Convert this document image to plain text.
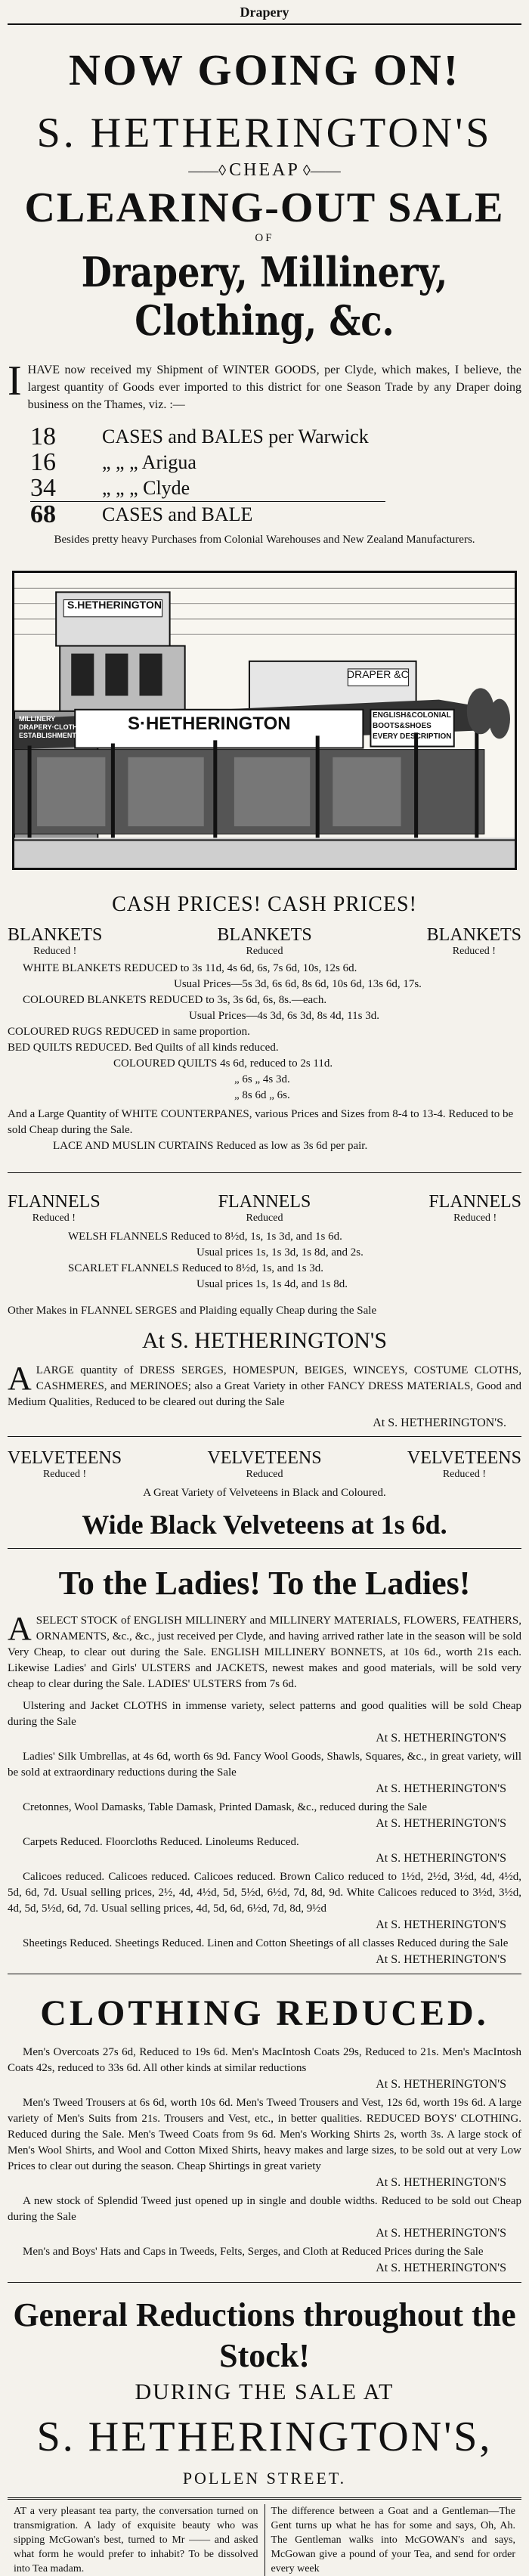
Drapery
NOW GOING ON!
S. HETHERINGTON'S
――◊ CHEAP ◊――
CLEARING-OUT SALE
OF
Drapery, Millinery, Clothing, &c.
I HAVE now received my Shipment of WINTER GOODS, per Clyde, which makes, I believe, the largest quantity of Goods ever imported to this district for one Season Trade by any Draper doing business on the Thames, viz. :—
18	CASES and BALES per Warwick
16	„ „ „ Arigua
34	„ „ „ Clyde
68	CASES and BALE
Besides pretty heavy Purchases from Colonial Warehouses and New Zealand Manufacturers.
S.HETHERINGTON
DRAPER &C
S·HETHERINGTON
MILLINERY
DRAPERY·CLOTHING
ESTABLISHMENT
ENGLISH&COLONIAL
BOOTS&SHOES
EVERY DESCRIPTION
CASH PRICES! CASH PRICES!
BLANKETS
Reduced !
BLANKETS
Reduced
BLANKETS
Reduced !
WHITE BLANKETS REDUCED to 3s 11d, 4s 6d, 6s, 7s 6d, 10s, 12s 6d.
Usual Prices—5s 3d, 6s 6d, 8s 6d, 10s 6d, 13s 6d, 17s.
COLOURED BLANKETS REDUCED to 3s, 3s 6d, 6s, 8s.—each.
Usual Prices—4s 3d, 6s 3d, 8s 4d, 11s 3d.
COLOURED RUGS REDUCED in same proportion.
BED QUILTS REDUCED. Bed Quilts of all kinds reduced.
COLOURED QUILTS 4s 6d, reduced to 2s 11d.
„ 6s „ 4s 3d.
„ 8s 6d „ 6s.
And a Large Quantity of WHITE COUNTERPANES, various Prices and Sizes from 8-4 to 13-4. Reduced to be sold Cheap during the Sale.
LACE AND MUSLIN CURTAINS Reduced as low as 3s 6d per pair.
FLANNELS
Reduced !
FLANNELS
Reduced
FLANNELS
Reduced !
WELSH FLANNELS Reduced to 8½d, 1s, 1s 3d, and 1s 6d.
Usual prices 1s, 1s 3d, 1s 8d, and 2s.
SCARLET FLANNELS Reduced to 8½d, 1s, and 1s 3d.
Usual prices 1s, 1s 4d, and 1s 8d.
Other Makes in FLANNEL SERGES and Plaiding equally Cheap during the Sale
At S. HETHERINGTON'S
A LARGE quantity of DRESS SERGES, HOMESPUN, BEIGES, WINCEYS, COSTUME CLOTHS, CASHMERES, and MERINOES; also a Great Variety in other FANCY DRESS MATERIALS, Good and Medium Qualities, Reduced to be cleared out during the Sale
At S. HETHERINGTON'S.
VELVETEENS
Reduced !
VELVETEENS
Reduced
VELVETEENS
Reduced !
A Great Variety of Velveteens in Black and Coloured.
Wide Black Velveteens at 1s 6d.
To the Ladies! To the Ladies!
A SELECT STOCK of ENGLISH MILLINERY and MILLINERY MATERIALS, FLOWERS, FEATHERS, ORNAMENTS, &c., &c., just received per Clyde, and having arrived rather late in the season will be sold Very Cheap, to clear out during the Sale. ENGLISH MILLINERY BONNETS, at 10s 6d., worth 21s each. Likewise Ladies' and Girls' ULSTERS and JACKETS, newest makes and good materials, will be sold very cheap to clear during the Sale. LADIES' ULSTERS from 7s 6d.
Ulstering and Jacket CLOTHS in immense variety, select patterns and good qualities will be sold Cheap during the Sale
At S. HETHERINGTON'S
Ladies' Silk Umbrellas, at 4s 6d, worth 6s 9d. Fancy Wool Goods, Shawls, Squares, &c., in great variety, will be sold at extraordinary reductions during the Sale
At S. HETHERINGTON'S
Cretonnes, Wool Damasks, Table Damask, Printed Damask, &c., reduced during the Sale
At S. HETHERINGTON'S
Carpets Reduced. Floorcloths Reduced. Linoleums Reduced.
At S. HETHERINGTON'S
Calicoes reduced. Calicoes reduced. Calicoes reduced. Brown Calico reduced to 1½d, 2½d, 3½d, 4d, 4½d, 5d, 6d, 7d. Usual selling prices, 2½, 4d, 4½d, 5d, 5½d, 6½d, 7d, 8d, 9d. White Calicoes reduced to 3½d, 3½d, 4d, 5d, 5½d, 6d, 7d. Usual selling prices, 4d, 5d, 6d, 6½d, 7d, 8d, 9½d
At S. HETHERINGTON'S
Sheetings Reduced. Sheetings Reduced. Linen and Cotton Sheetings of all classes Reduced during the Sale
At S. HETHERINGTON'S
CLOTHING REDUCED.
Men's Overcoats 27s 6d, Reduced to 19s 6d. Men's MacIntosh Coats 29s, Reduced to 21s. Men's MacIntosh Coats 42s, reduced to 33s 6d. All other kinds at similar reductions
At S. HETHERINGTON'S
Men's Tweed Trousers at 6s 6d, worth 10s 6d. Men's Tweed Trousers and Vest, 12s 6d, worth 19s 6d. A large variety of Men's Suits from 21s. Trousers and Vest, etc., in better qualities. REDUCED BOYS' CLOTHING. Reduced during the Sale. Men's Tweed Coats from 9s 6d. Men's Working Shirts 2s, worth 3s. A large stock of Men's Wool Shirts, and Wool and Cotton Mixed Shirts, heavy makes and large sizes, to be sold out at very Low Prices to clear out during the season. Cheap Shirtings in great variety
At S. HETHERINGTON'S
A new stock of Splendid Tweed just opened up in single and double widths. Reduced to be sold out Cheap during the Sale
At S. HETHERINGTON'S
Men's and Boys' Hats and Caps in Tweeds, Felts, Serges, and Cloth at Reduced Prices during the Sale
At S. HETHERINGTON'S
General Reductions throughout the Stock!
DURING THE SALE AT
S. HETHERINGTON'S,
POLLEN STREET.
AT a very pleasant tea party, the conversation turned on transmigration. A lady of exquisite beauty who was sipping McGowan's best, turned to Mr —— and asked what form he would prefer to inhabit? To be dissolved into Tea madam.
The difference between a Goat and a Gentleman—The Gent turns up what he has for some and says, Oh, Ah. The Gentleman walks into McGOWAN's and says, McGowan give a pound of your Tea, and send for order every week
